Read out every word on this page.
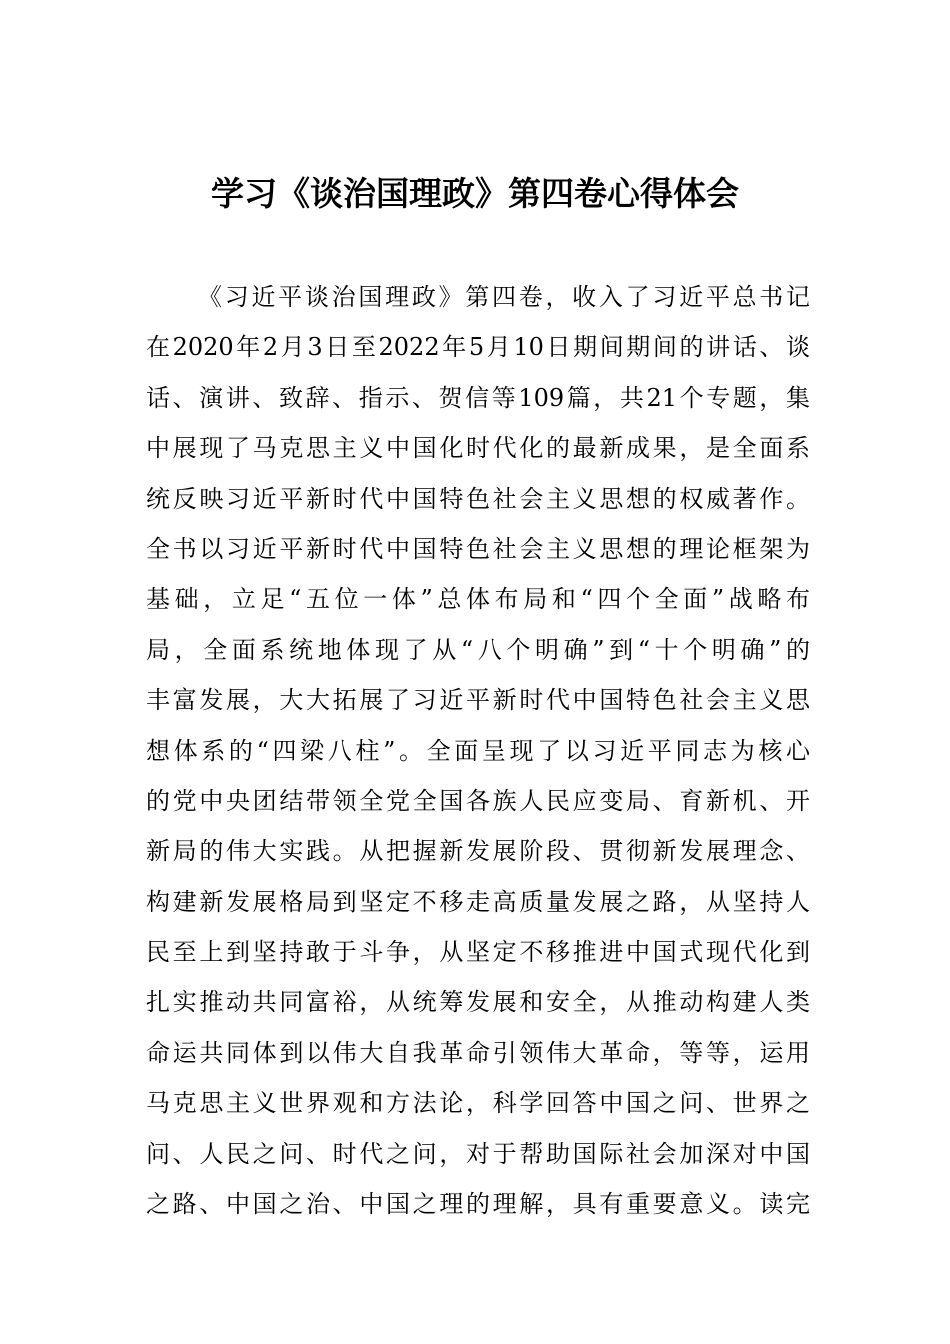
学习《谈治国理政》第四卷心得体会
《习近平谈治国理政》第四卷，收入了习近平总书记
在2020年2月3日至2022年5月10日期间期间的讲话、谈
话、演讲、致辞、指示、贺信等109篇，共21个专题，集
中展现了马克思主义中国化时代化的最新成果，是全面系
统反映习近平新时代中国特色社会主义思想的权威著作。
全书以习近平新时代中国特色社会主义思想的理论框架为
基础，立足“五位一体”总体布局和“四个全面”战略布
局，全面系统地体现了从“八个明确”到“十个明确”的
丰富发展，大大拓展了习近平新时代中国特色社会主义思
想体系的“四梁八柱”。全面呈现了以习近平同志为核心
的党中央团结带领全党全国各族人民应变局、育新机、开
新局的伟大实践。从把握新发展阶段、贯彻新发展理念、
构建新发展格局到坚定不移走高质量发展之路，从坚持人
民至上到坚持敢于斗争，从坚定不移推进中国式现代化到
扎实推动共同富裕，从统筹发展和安全，从推动构建人类
命运共同体到以伟大自我革命引领伟大革命，等等，运用
马克思主义世界观和方法论，科学回答中国之问、世界之
问、人民之问、时代之问，对于帮助国际社会加深对中国
之路、中国之治、中国之理的理解，具有重要意义。读完
